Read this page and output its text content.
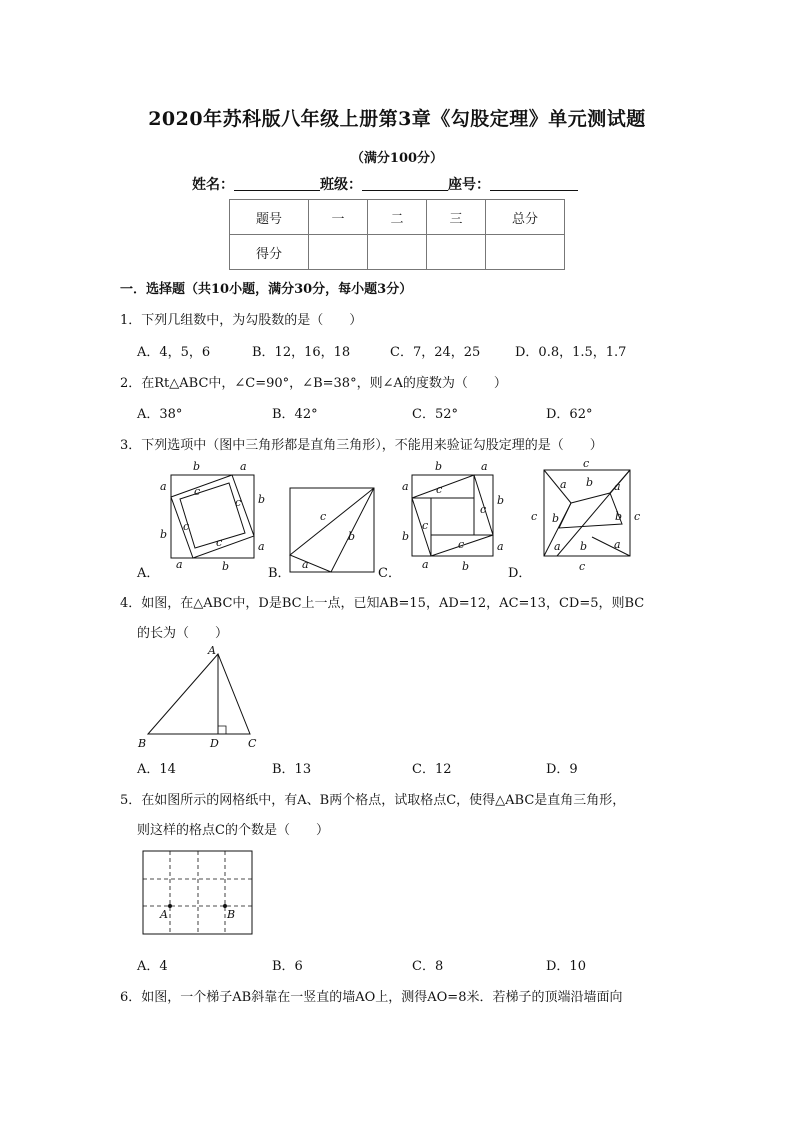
2020年苏科版八年级上册第3章《勾股定理》单元测试题
（满分100分）
姓名：	班级：	座号：
题号	一	二	三	总分
得分				
一．选择题（共10小题，满分30分，每小题3分）
1．下列几组数中，为勾股数的是（　　）
A．4，5，6	B．12，16，18	C．7，24，25	D．0.8，1.5，1.7
2．在Rt△ABC中，∠C=90°，∠B=38°，则∠A的度数为（　　）
A．38°	B．42°	C．52°	D．62°
3．下列选项中（图中三角形都是直角三角形），不能用来验证勾股定理的是（　　）
b	a
a
b
b
a
a	b
c
c
c
c
A．
c
b
a
B．
b	a
a
b
b
a
a	b
c
c
c
c
C．
c
a b a
c b	b c
a b a
c
D．
4．如图，在△ABC中，D是BC上一点，已知AB=15，AD=12，AC=13，CD=5，则BC
的长为（　　）
A
B	D	C
A．14	B．13	C．12	D．9
5．在如图所示的网格纸中，有A、B两个格点，试取格点C，使得△ABC是直角三角形，
则这样的格点C的个数是（　　）
A	B
A．4	B．6	C．8	D．10
6．如图，一个梯子AB斜靠在一竖直的墙AO上，测得AO=8米．若梯子的顶端沿墙面向
